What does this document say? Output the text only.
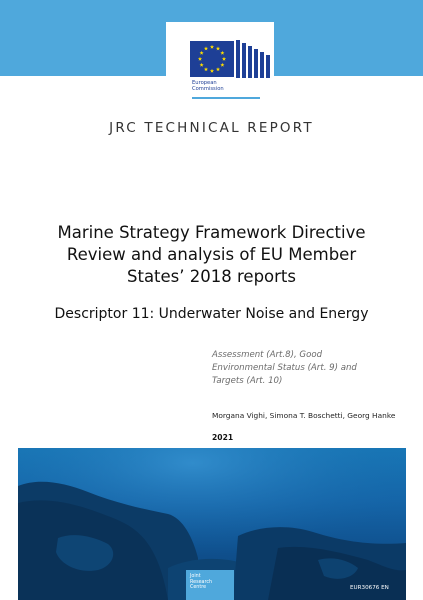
European
Commission
JRC TECHNICAL REPORT
Marine Strategy Framework Directive
Review and analysis of EU Member
States’ 2018 reports
Descriptor 11: Underwater Noise and Energy
Assessment (Art.8), Good
Environmental Status (Art. 9) and
Targets (Art. 10)
Morgana Vighi, Simona T. Boschetti, Georg Hanke
2021
Joint
Research
Centre	EUR30676 EN
